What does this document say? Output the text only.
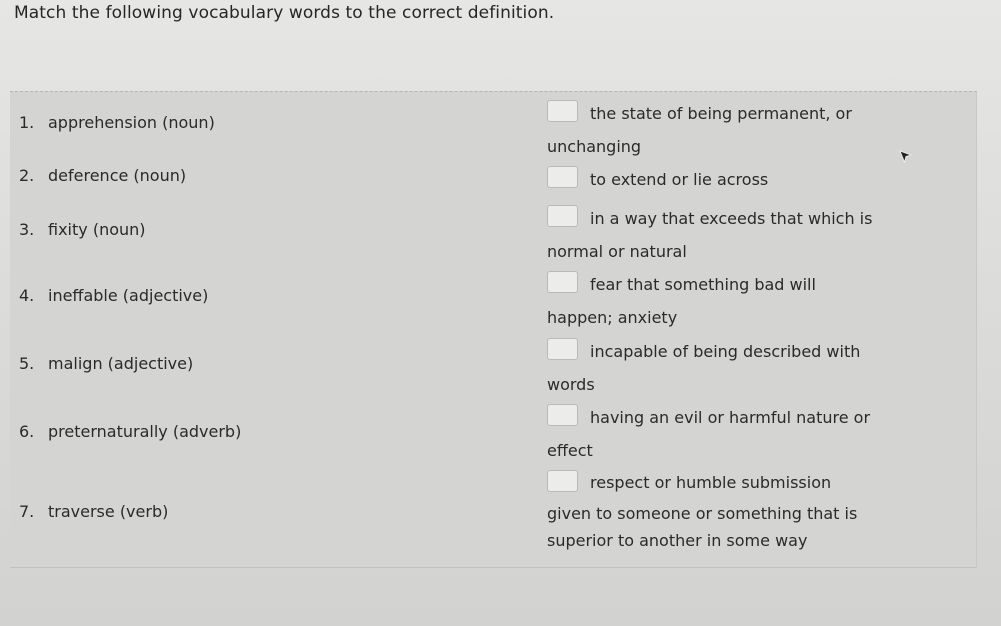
Match the following vocabulary words to the correct definition.
1. apprehension (noun)
2. deference (noun)
3. fixity (noun)
4. ineffable (adjective)
5. malign (adjective)
6. preternaturally (adverb)
7. traverse (verb)
the state of being permanent, or
unchanging
to extend or lie across
in a way that exceeds that which is
normal or natural
fear that something bad will
happen; anxiety
incapable of being described with
words
having an evil or harmful nature or
effect
respect or humble submission
given to someone or something that is
superior to another in some way
